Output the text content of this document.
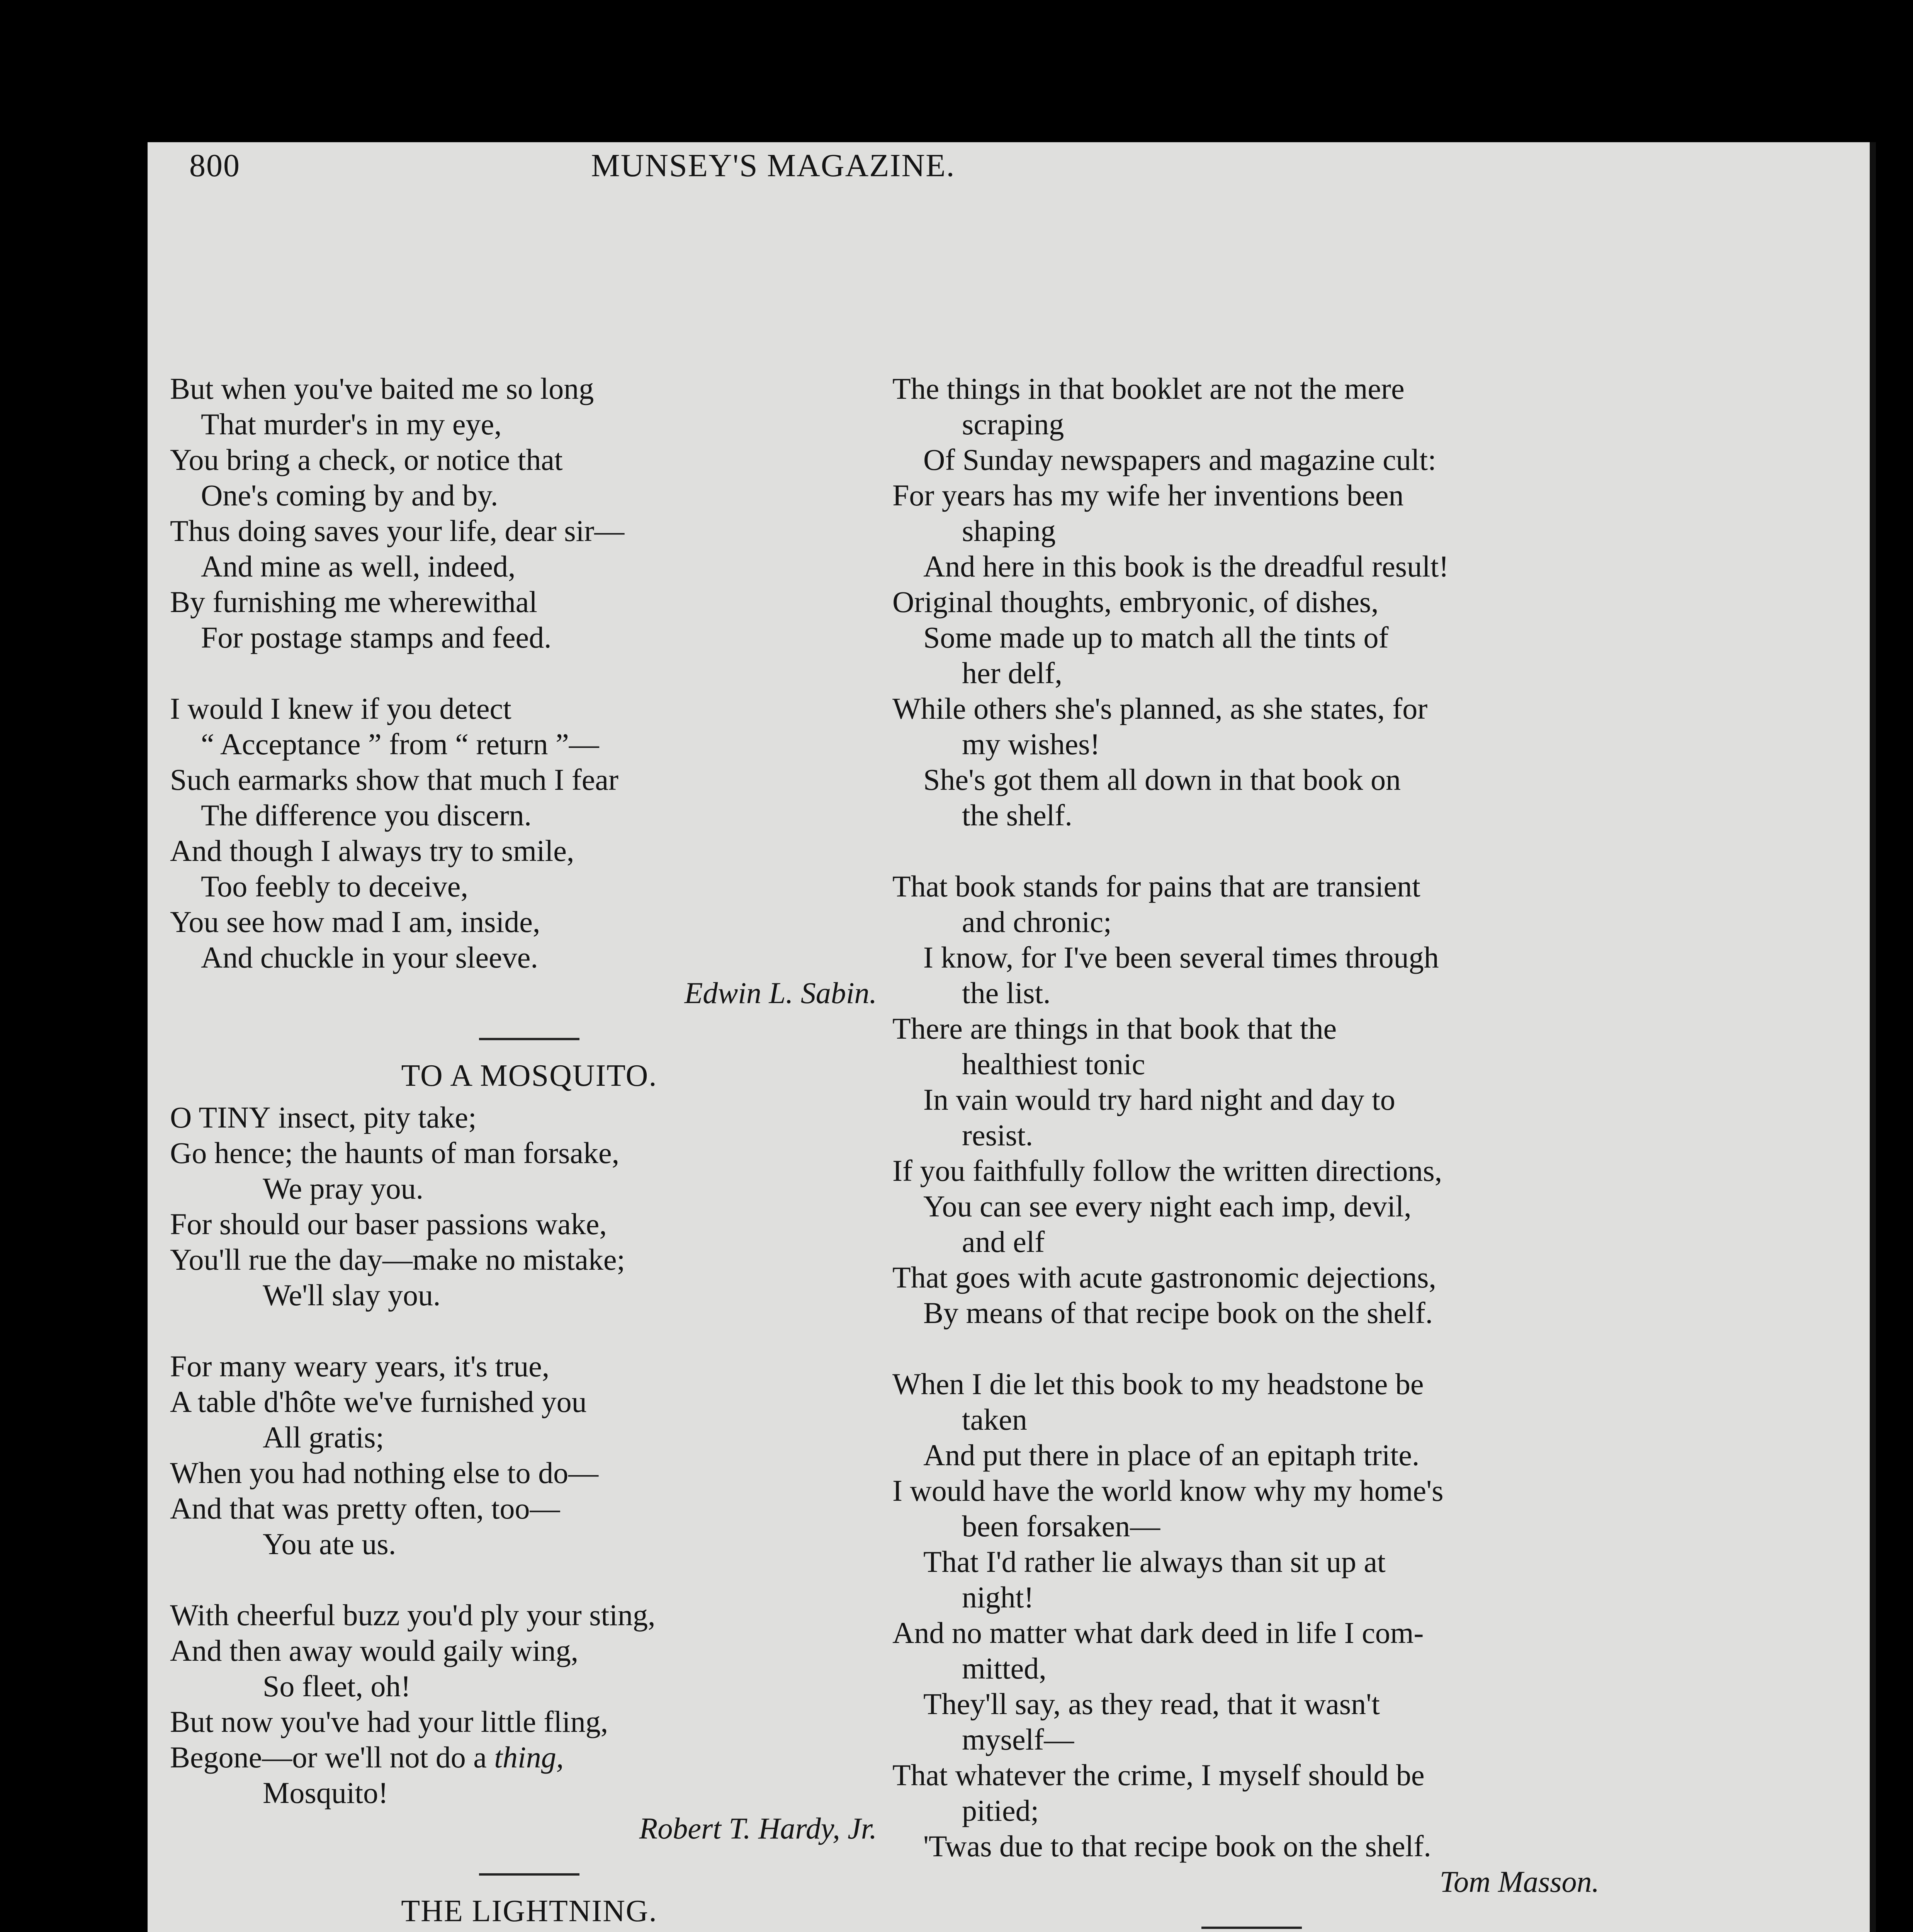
800	MUNSEY'S MAGAZINE.
But when you've baited me so long
That murder's in my eye,
You bring a check, or notice that
One's coming by and by.
Thus doing saves your life, dear sir—
And mine as well, indeed,
By furnishing me wherewithal
For postage stamps and feed.
I would I knew if you detect
“ Acceptance ” from “ return ”—
Such earmarks show that much I fear
The difference you discern.
And though I always try to smile,
Too feebly to deceive,
You see how mad I am, inside,
And chuckle in your sleeve.
Edwin L. Sabin.
TO A MOSQUITO.
O TINY insect, pity take;
Go hence; the haunts of man forsake,
We pray you.
For should our baser passions wake,
You'll rue the day—make no mistake;
We'll slay you.
For many weary years, it's true,
A table d'hôte we've furnished you
All gratis;
When you had nothing else to do—
And that was pretty often, too—
You ate us.
With cheerful buzz you'd ply your sting,
And then away would gaily wing,
So fleet, oh!
But now you've had your little fling,
Begone—or we'll not do a thing,
Mosquito!
Robert T. Hardy, Jr.
THE LIGHTNING.
The things in that booklet are not the mere
scraping
Of Sunday newspapers and magazine cult:
For years has my wife her inventions been
shaping
And here in this book is the dreadful result!
Original thoughts, embryonic, of dishes,
Some made up to match all the tints of
her delf,
While others she's planned, as she states, for
my wishes!
She's got them all down in that book on
the shelf.
That book stands for pains that are transient
and chronic;
I know, for I've been several times through
the list.
There are things in that book that the
healthiest tonic
In vain would try hard night and day to
resist.
If you faithfully follow the written directions,
You can see every night each imp, devil,
and elf
That goes with acute gastronomic dejections,
By means of that recipe book on the shelf.
When I die let this book to my headstone be
taken
And put there in place of an epitaph trite.
I would have the world know why my home's
been forsaken—
That I'd rather lie always than sit up at
night!
And no matter what dark deed in life I com-
mitted,
They'll say, as they read, that it wasn't
myself—
That whatever the crime, I myself should be
pitied;
'Twas due to that recipe book on the shelf.
Tom Masson.
